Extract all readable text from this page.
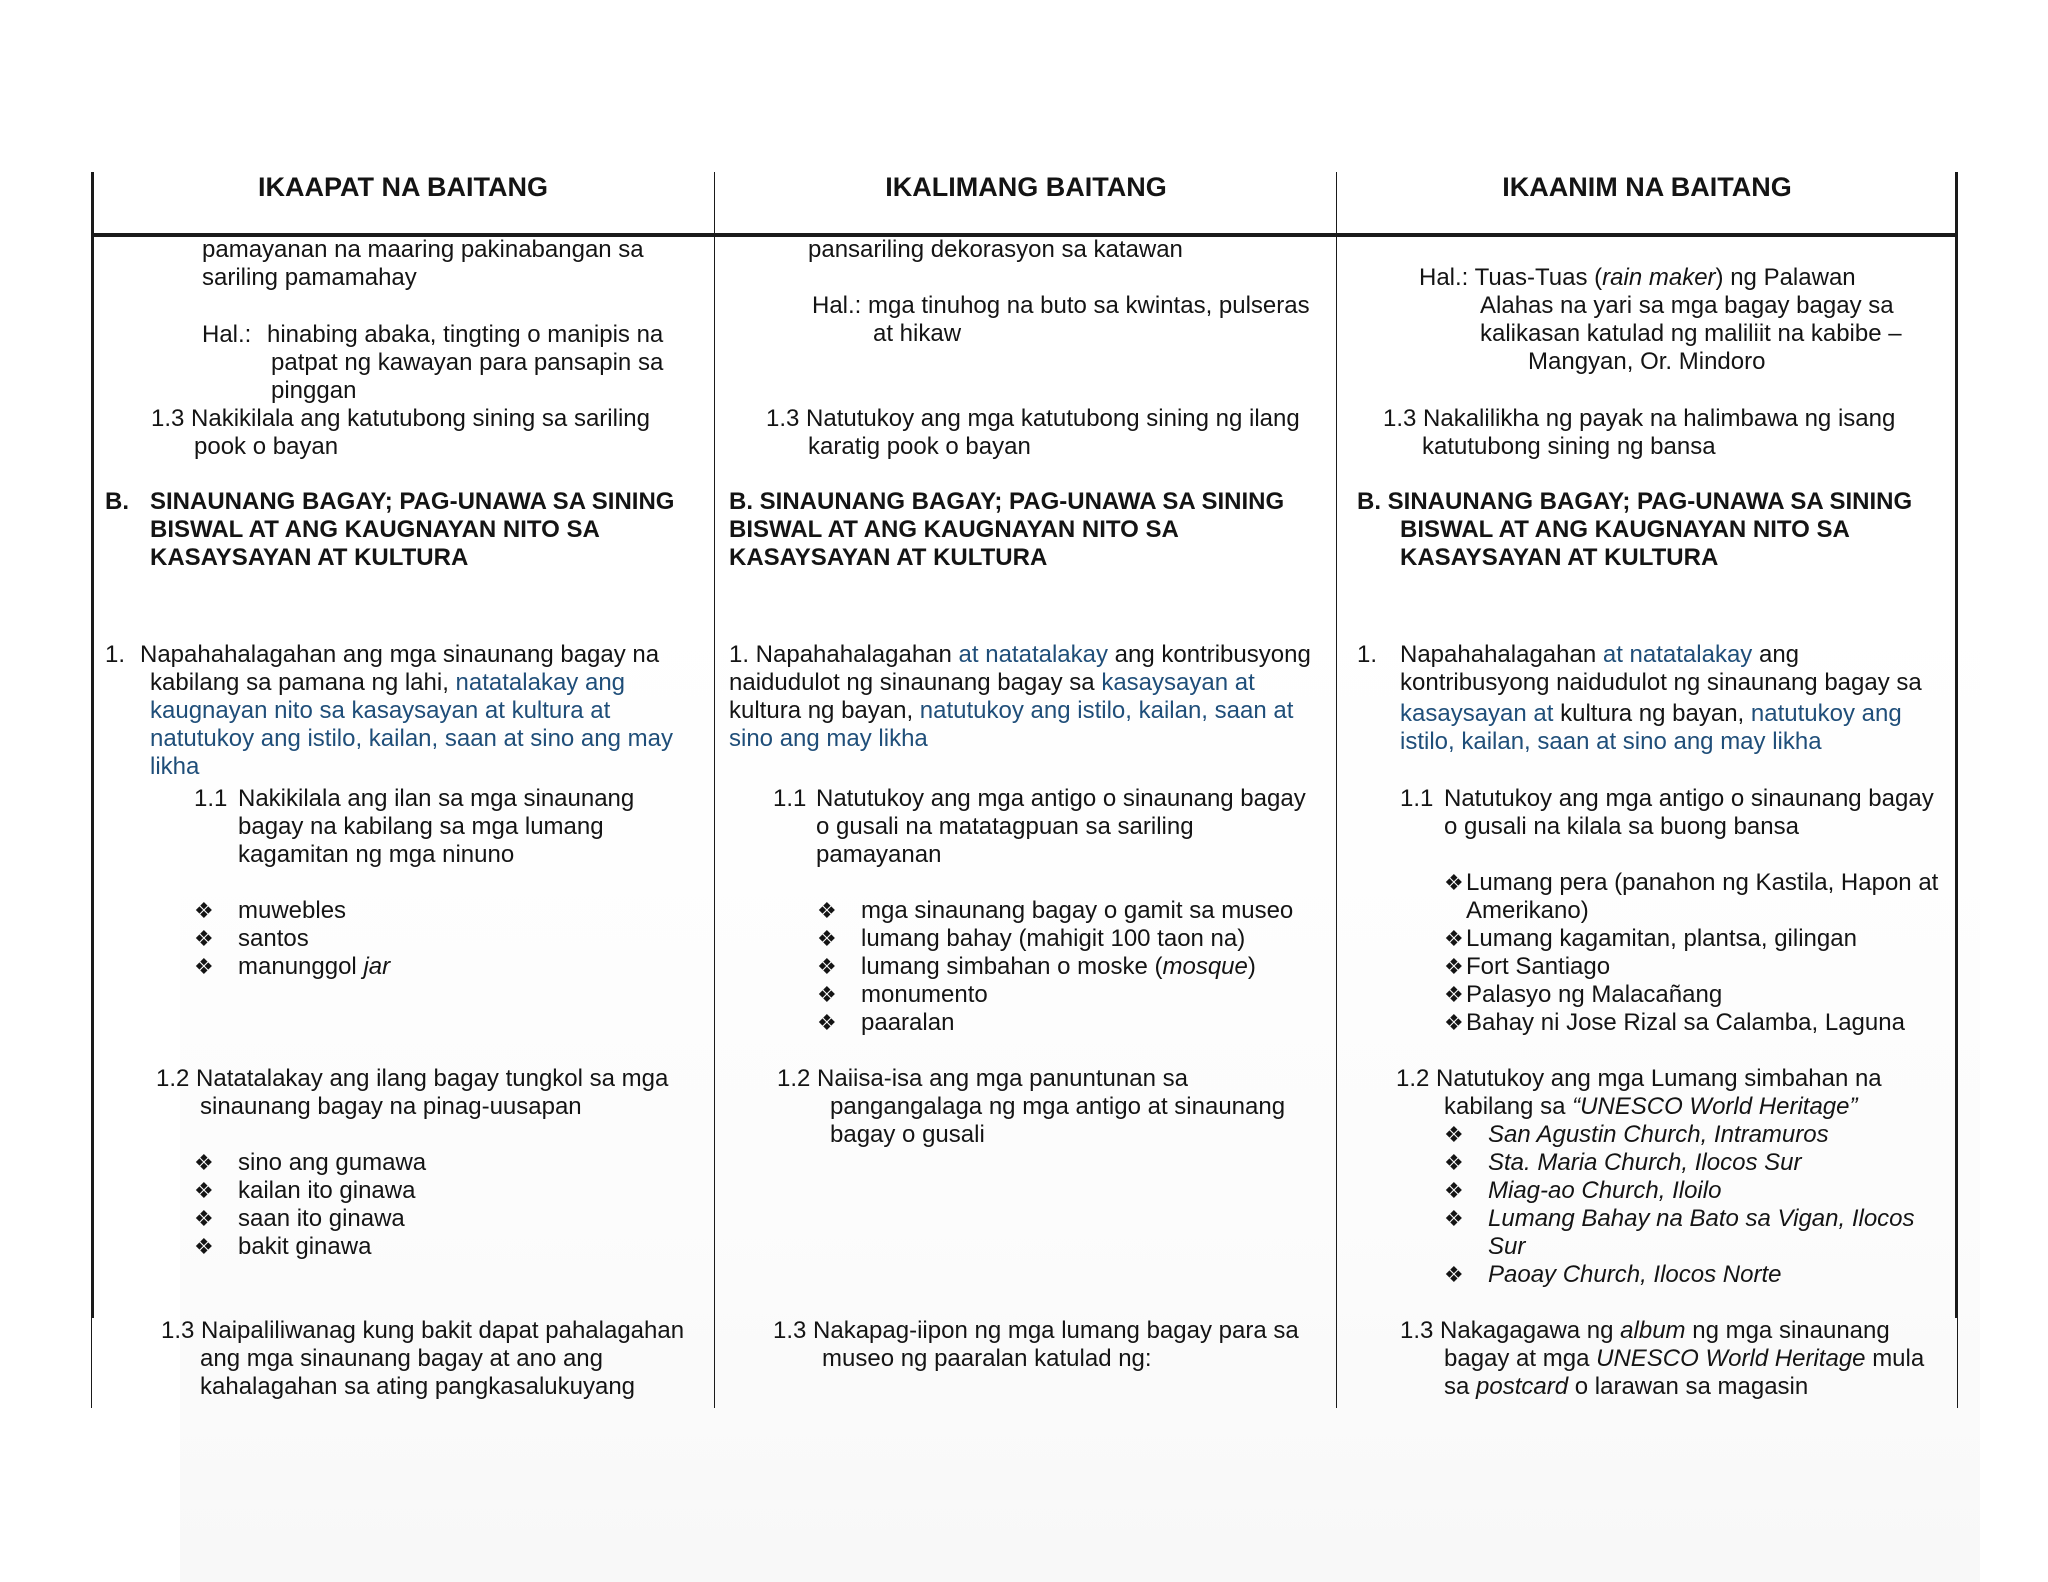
IKAAPAT NA BAITANG	IKALIMANG BAITANG	IKAANIM NA BAITANG
pamayanan na maaring pakinabangan sa
sariling pamamahay
Hal.: hinabing abaka, tingting o manipis na
patpat ng kawayan para pansapin sa
pinggan
1.3 Nakikilala ang katutubong sining sa sariling
pook o bayan
B. SINAUNANG BAGAY; PAG-UNAWA SA SINING
BISWAL AT ANG KAUGNAYAN NITO SA
KASAYSAYAN AT KULTURA
1. Napahahalagahan ang mga sinaunang bagay na
kabilang sa pamana ng lahi, natatalakay ang
kaugnayan nito sa kasaysayan at kultura at
natutukoy ang istilo, kailan, saan at sino ang may
likha
1.1 Nakikilala ang ilan sa mga sinaunang
bagay na kabilang sa mga lumang
kagamitan ng mga ninuno
❖ muwebles
❖ santos
❖ manunggol jar
1.2 Natatalakay ang ilang bagay tungkol sa mga
sinaunang bagay na pinag-uusapan
❖ sino ang gumawa
❖ kailan ito ginawa
❖ saan ito ginawa
❖ bakit ginawa
1.3 Naipaliliwanag kung bakit dapat pahalagahan
ang mga sinaunang bagay at ano ang
kahalagahan sa ating pangkasalukuyang
pansariling dekorasyon sa katawan
Hal.: mga tinuhog na buto sa kwintas, pulseras
at hikaw
1.3 Natutukoy ang mga katutubong sining ng ilang
karatig pook o bayan
B. SINAUNANG BAGAY; PAG-UNAWA SA SINING
BISWAL AT ANG KAUGNAYAN NITO SA
KASAYSAYAN AT KULTURA
1. Napahahalagahan at natatalakay ang kontribusyong
naidudulot ng sinaunang bagay sa kasaysayan at
kultura ng bayan, natutukoy ang istilo, kailan, saan at
sino ang may likha
1.1 Natutukoy ang mga antigo o sinaunang bagay
o gusali na matatagpuan sa sariling
pamayanan
❖ mga sinaunang bagay o gamit sa museo
❖ lumang bahay (mahigit 100 taon na)
❖ lumang simbahan o moske (mosque)
❖ monumento
❖ paaralan
1.2 Naiisa-isa ang mga panuntunan sa
pangangalaga ng mga antigo at sinaunang
bagay o gusali
1.3 Nakapag-iipon ng mga lumang bagay para sa
museo ng paaralan katulad ng:
Hal.: Tuas-Tuas (rain maker) ng Palawan
Alahas na yari sa mga bagay bagay sa
kalikasan katulad ng maliliit na kabibe –
Mangyan, Or. Mindoro
1.3 Nakalilikha ng payak na halimbawa ng isang
katutubong sining ng bansa
B. SINAUNANG BAGAY; PAG-UNAWA SA SINING
BISWAL AT ANG KAUGNAYAN NITO SA
KASAYSAYAN AT KULTURA
1. Napahahalagahan at natatalakay ang
kontribusyong naidudulot ng sinaunang bagay sa
kasaysayan at kultura ng bayan, natutukoy ang
istilo, kailan, saan at sino ang may likha
1.1 Natutukoy ang mga antigo o sinaunang bagay
o gusali na kilala sa buong bansa
❖ Lumang pera (panahon ng Kastila, Hapon at
Amerikano)
❖ Lumang kagamitan, plantsa, gilingan
❖ Fort Santiago
❖ Palasyo ng Malacañang
❖ Bahay ni Jose Rizal sa Calamba, Laguna
1.2 Natutukoy ang mga Lumang simbahan na
kabilang sa “UNESCO World Heritage”
❖ San Agustin Church, Intramuros
❖ Sta. Maria Church, Ilocos Sur
❖ Miag-ao Church, Iloilo
❖ Lumang Bahay na Bato sa Vigan, Ilocos
Sur
❖ Paoay Church, Ilocos Norte
1.3 Nakagagawa ng album ng mga sinaunang
bagay at mga UNESCO World Heritage mula
sa postcard o larawan sa magasin
